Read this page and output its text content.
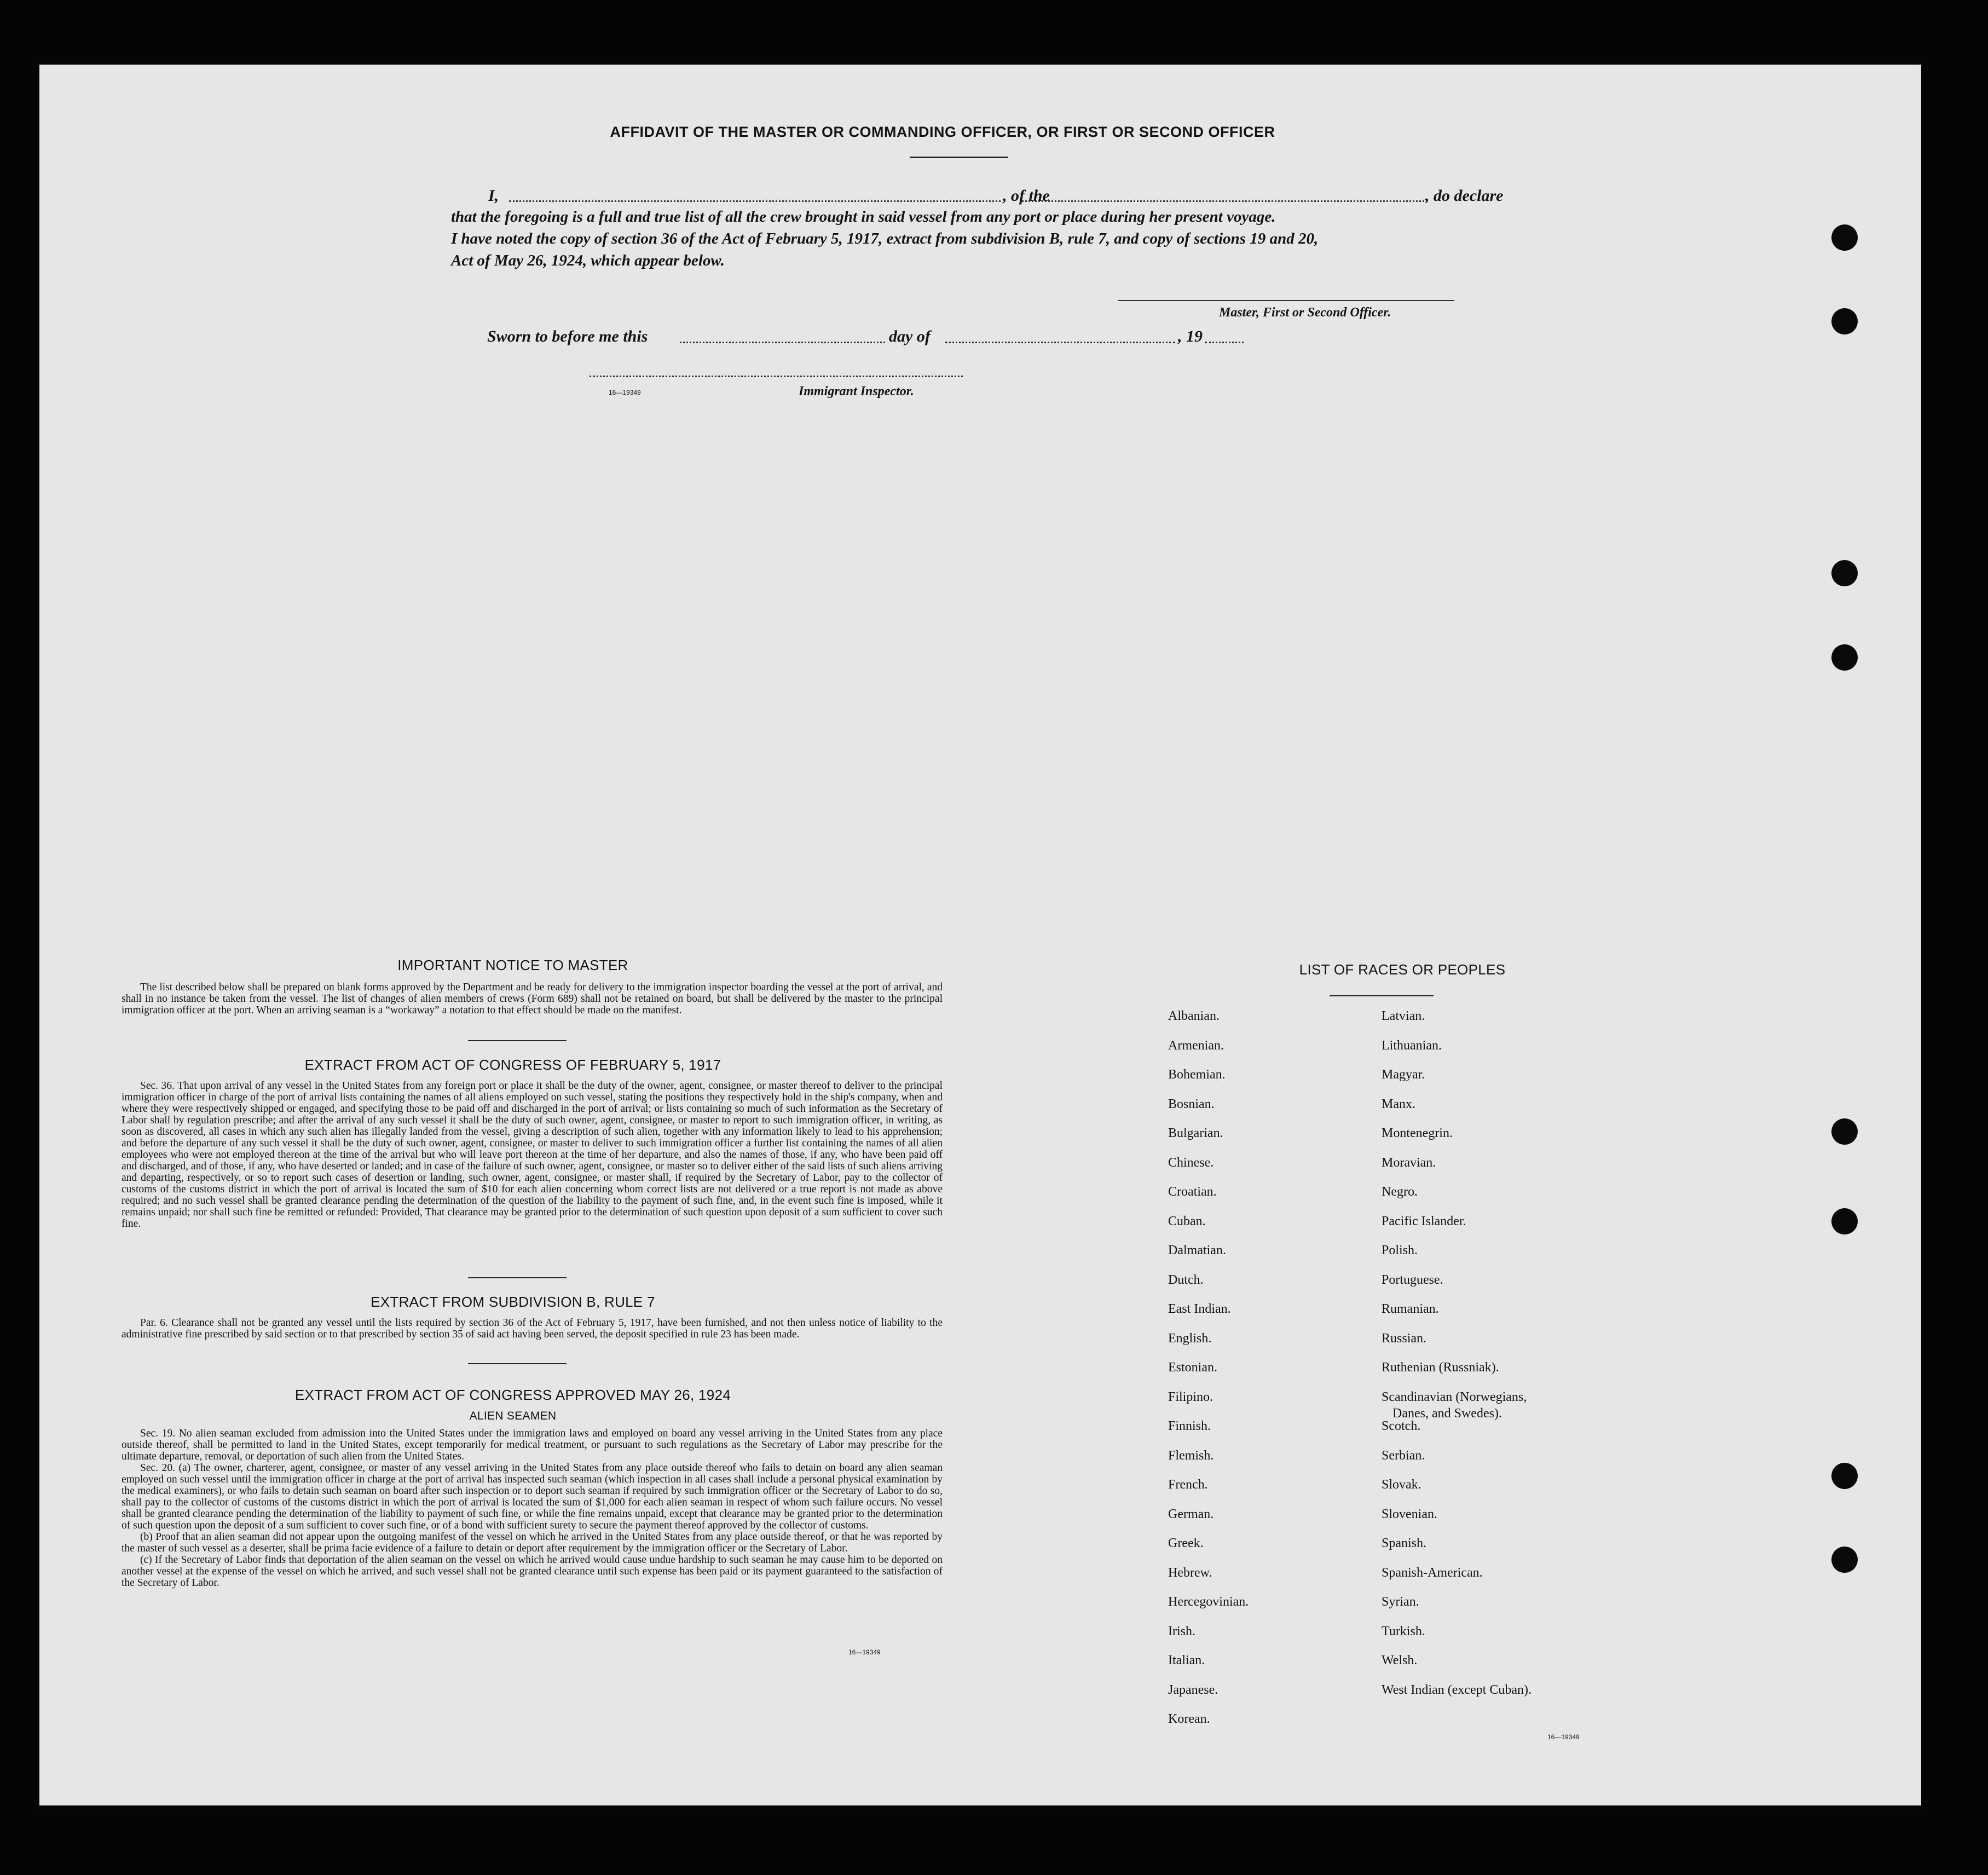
AFFIDAVIT OF THE MASTER OR COMMANDING OFFICER, OR FIRST OR SECOND OFFICER
I,	, of the	, do declare
that the foregoing is a full and true list of all the crew brought in said vessel from any port or place during her present voyage.
I have noted the copy of section 36 of the Act of February 5, 1917, extract from subdivision B, rule 7, and copy of sections 19 and 20,
Act of May 26, 1924, which appear below.
Master, First or Second Officer.
Sworn to before me this	day of	, 19
16—19349	Immigrant Inspector.
IMPORTANT NOTICE TO MASTER

The list described below shall be prepared on blank forms approved by the Department and be ready for delivery to the immigration inspector boarding the vessel at the port of arrival, and shall in no instance be taken from the vessel. The list of changes of alien members of crews (Form 689) shall not be retained on board, but shall be delivered by the master to the principal immigration officer at the port. When an arriving seaman is a “workaway” a notation to that effect should be made on the manifest.

EXTRACT FROM ACT OF CONGRESS OF FEBRUARY 5, 1917

Sec. 36. That upon arrival of any vessel in the United States from any foreign port or place it shall be the duty of the owner, agent, consignee, or master thereof to deliver to the principal immigration officer in charge of the port of arrival lists containing the names of all aliens employed on such vessel, stating the positions they respectively hold in the ship's company, when and where they were respectively shipped or engaged, and specifying those to be paid off and discharged in the port of arrival; or lists containing so much of such information as the Secretary of Labor shall by regulation prescribe; and after the arrival of any such vessel it shall be the duty of such owner, agent, consignee, or master to report to such immigration officer, in writing, as soon as discovered, all cases in which any such alien has illegally landed from the vessel, giving a description of such alien, together with any information likely to lead to his apprehension; and before the departure of any such vessel it shall be the duty of such owner, agent, consignee, or master to deliver to such immigration officer a further list containing the names of all alien employees who were not employed thereon at the time of the arrival but who will leave port thereon at the time of her departure, and also the names of those, if any, who have been paid off and discharged, and of those, if any, who have deserted or landed; and in case of the failure of such owner, agent, consignee, or master so to deliver either of the said lists of such aliens arriving and departing, respectively, or so to report such cases of desertion or landing, such owner, agent, consignee, or master shall, if required by the Secretary of Labor, pay to the collector of customs of the customs district in which the port of arrival is located the sum of $10 for each alien concerning whom correct lists are not delivered or a true report is not made as above required; and no such vessel shall be granted clearance pending the determination of the question of the liability to the payment of such fine, and, in the event such fine is imposed, while it remains unpaid; nor shall such fine be remitted or refunded: Provided, That clearance may be granted prior to the determination of such question upon deposit of a sum sufficient to cover such fine.

EXTRACT FROM SUBDIVISION B, RULE 7

Par. 6. Clearance shall not be granted any vessel until the lists required by section 36 of the Act of February 5, 1917, have been furnished, and not then unless notice of liability to the administrative fine prescribed by said section or to that prescribed by section 35 of said act having been served, the deposit specified in rule 23 has been made.

EXTRACT FROM ACT OF CONGRESS APPROVED MAY 26, 1924
ALIEN SEAMEN

Sec. 19. No alien seaman excluded from admission into the United States under the immigration laws and employed on board any vessel arriving in the United States from any place outside thereof, shall be permitted to land in the United States, except temporarily for medical treatment, or pursuant to such regulations as the Secretary of Labor may prescribe for the ultimate departure, removal, or deportation of such alien from the United States.

Sec. 20. (a) The owner, charterer, agent, consignee, or master of any vessel arriving in the United States from any place outside thereof who fails to detain on board any alien seaman employed on such vessel until the immigration officer in charge at the port of arrival has inspected such seaman (which inspection in all cases shall include a personal physical examination by the medical examiners), or who fails to detain such seaman on board after such inspection or to deport such seaman if required by such immigration officer or the Secretary of Labor to do so, shall pay to the collector of customs of the customs district in which the port of arrival is located the sum of $1,000 for each alien seaman in respect of whom such failure occurs. No vessel shall be granted clearance pending the determination of the liability to payment of such fine, or while the fine remains unpaid, except that clearance may be granted prior to the determination of such question upon the deposit of a sum sufficient to cover such fine, or of a bond with sufficient surety to secure the payment thereof approved by the collector of customs.

(b) Proof that an alien seaman did not appear upon the outgoing manifest of the vessel on which he arrived in the United States from any place outside thereof, or that he was reported by the master of such vessel as a deserter, shall be prima facie evidence of a failure to detain or deport after requirement by the immigration officer or the Secretary of Labor.

(c) If the Secretary of Labor finds that deportation of the alien seaman on the vessel on which he arrived would cause undue hardship to such seaman he may cause him to be deported on another vessel at the expense of the vessel on which he arrived, and such vessel shall not be granted clearance until such expense has been paid or its payment guaranteed to the satisfaction of the Secretary of Labor.

16—19349
LIST OF RACES OR PEOPLES
16—19349
Albanian.
Armenian.
Bohemian.
Bosnian.
Bulgarian.
Chinese.
Croatian.
Cuban.
Dalmatian.
Dutch.
East Indian.
English.
Estonian.
Filipino.
Finnish.
Flemish.
French.
German.
Greek.
Hebrew.
Hercegovinian.
Irish.
Italian.
Japanese.
Korean.
Latvian.
Lithuanian.
Magyar.
Manx.
Montenegrin.
Moravian.
Negro.
Pacific Islander.
Polish.
Portuguese.
Rumanian.
Russian.
Ruthenian (Russniak).
Scandinavian (Norwegians,
Danes, and Swedes).
Scotch.
Serbian.
Slovak.
Slovenian.
Spanish.
Spanish-American.
Syrian.
Turkish.
Welsh.
West Indian (except Cuban).
